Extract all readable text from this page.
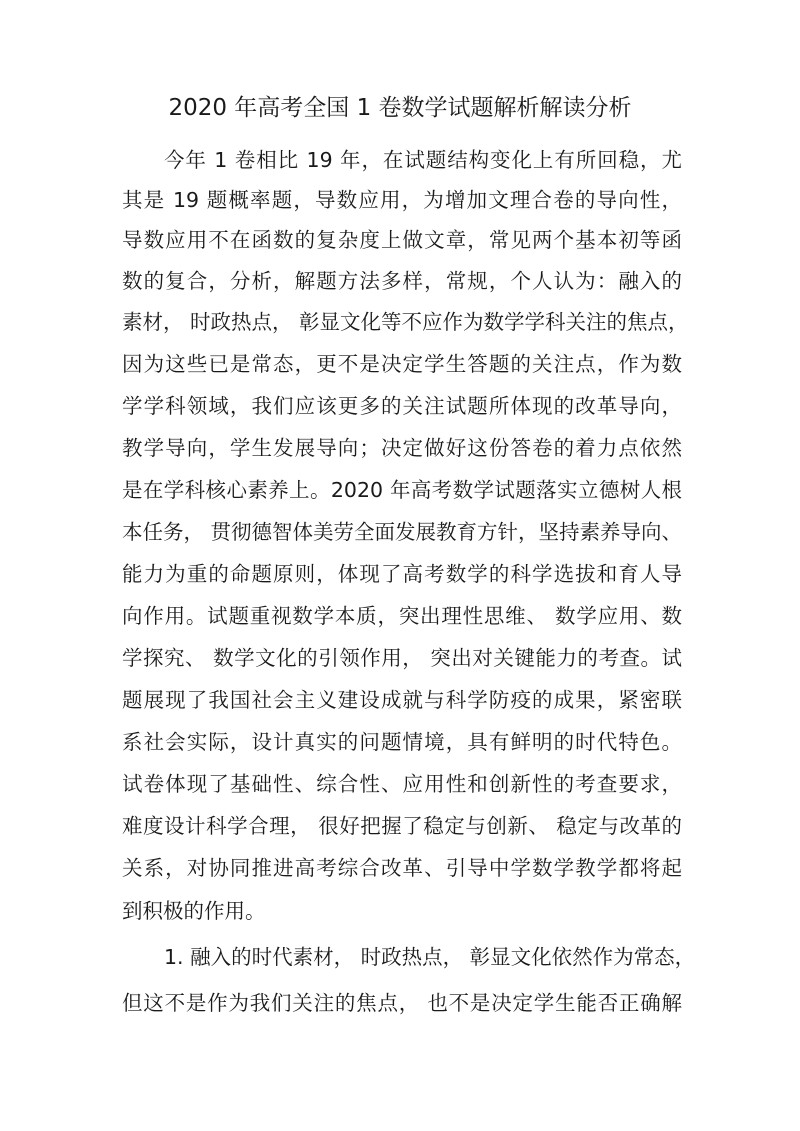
2020 年高考全国 1 卷数学试题解析解读分析

今年 1 卷相比 19 年，在试题结构变化上有所回稳，尤

其是 19 题概率题，导数应用，为增加文理合卷的导向性，

导数应用不在函数的复杂度上做文章，常见两个基本初等函

数的复合，分析，解题方法多样，常规，个人认为：融入的

素材， 时政热点， 彰显文化等不应作为数学学科关注的焦点，

因为这些已是常态，更不是决定学生答题的关注点，作为数

学学科领域，我们应该更多的关注试题所体现的改革导向，

教学导向，学生发展导向；决定做好这份答卷的着力点依然

是在学科核心素养上。2020 年高考数学试题落实立德树人根

本任务， 贯彻德智体美劳全面发展教育方针，坚持素养导向、

能力为重的命题原则，体现了高考数学的科学选拔和育人导

向作用。试题重视数学本质，突出理性思维、 数学应用、数

学探究、 数学文化的引领作用， 突出对关键能力的考查。试

题展现了我国社会主义建设成就与科学防疫的成果，紧密联

系社会实际，设计真实的问题情境，具有鲜明的时代特色。

试卷体现了基础性、综合性、应用性和创新性的考查要求，

难度设计科学合理， 很好把握了稳定与创新、 稳定与改革的

关系，对协同推进高考综合改革、引导中学数学教学都将起

到积极的作用。

1. 融入的时代素材， 时政热点， 彰显文化依然作为常态，

但这不是作为我们关注的焦点， 也不是决定学生能否正确解
